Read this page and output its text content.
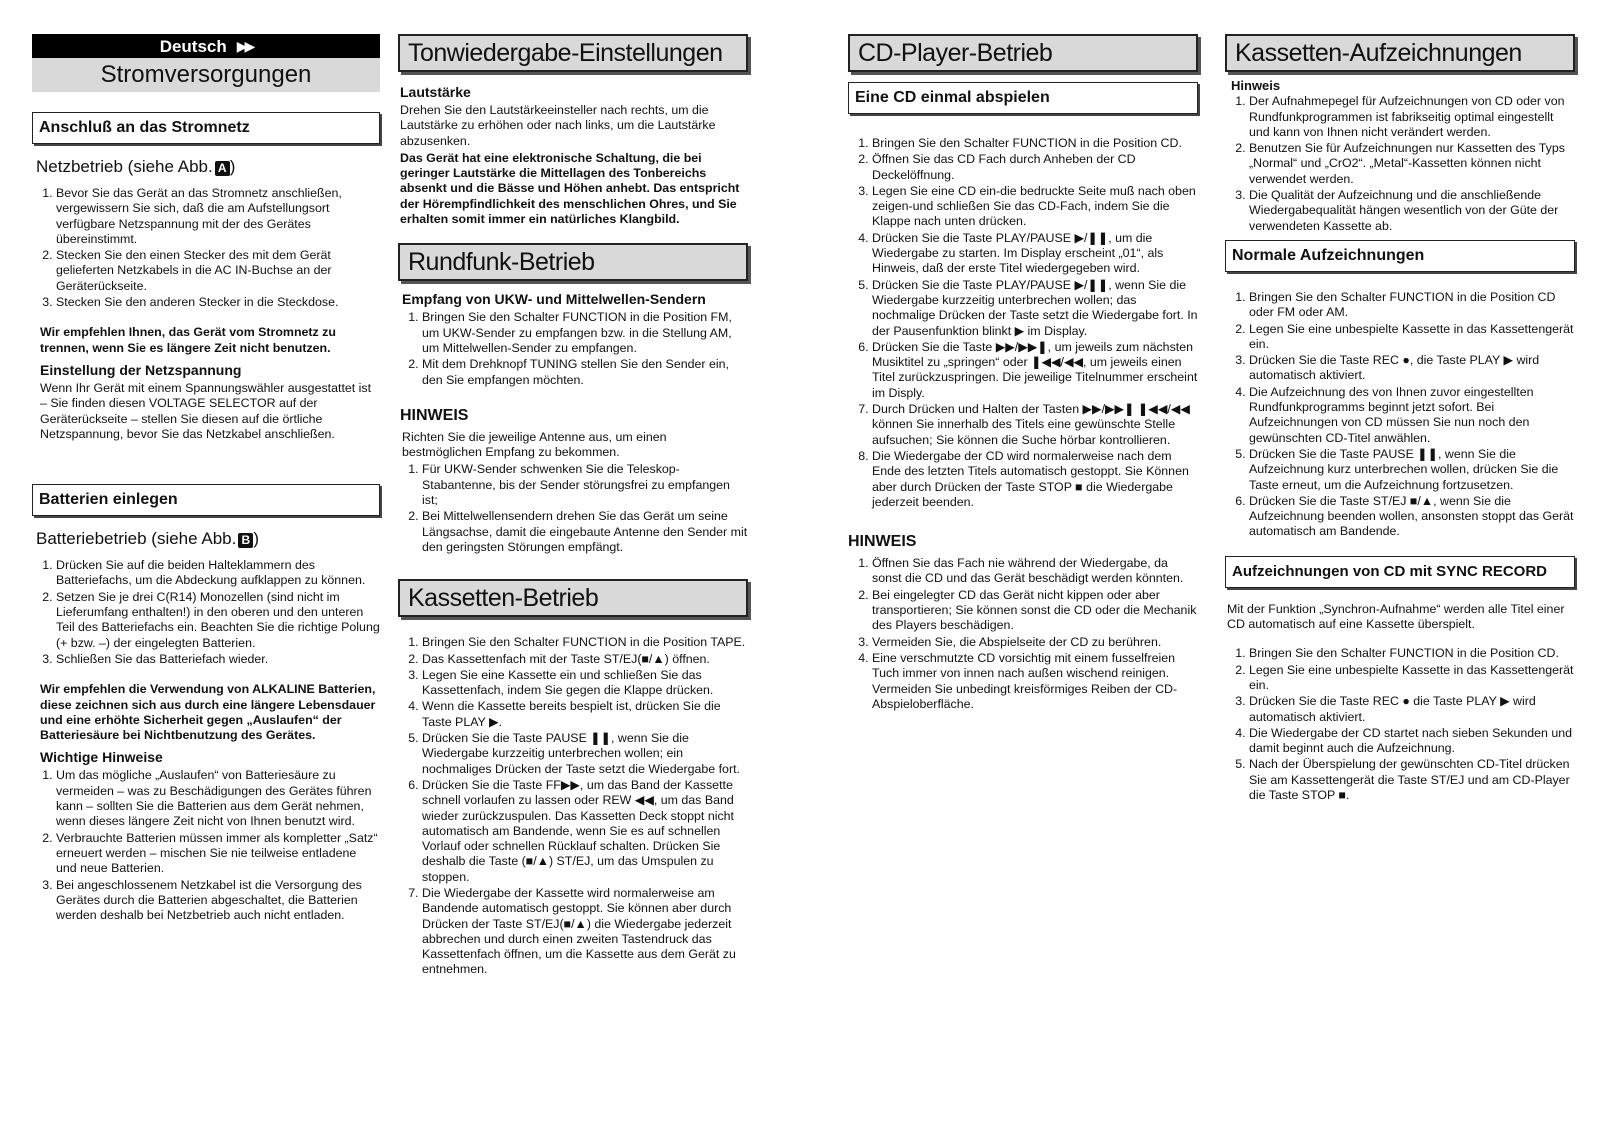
Deutsch ▶▶
Stromversorgungen
Anschluß an das Stromnetz
Netzbetrieb (siehe Abb. A )
1. Bevor Sie das Gerät an das Stromnetz anschließen, vergewissern Sie sich, daß die am Aufstellungsort verfügbare Netzspannung mit der des Gerätes übereinstimmt.
2. Stecken Sie den einen Stecker des mit dem Gerät gelieferten Netzkabels in die AC IN-Buchse an der Geräterückseite.
3. Stecken Sie den anderen Stecker in die Steckdose.
Wir empfehlen Ihnen, das Gerät vom Stromnetz zu trennen, wenn Sie es längere Zeit nicht benutzen.
Einstellung der Netzspannung
Wenn Ihr Gerät mit einem Spannungswähler ausgestattet ist – Sie finden diesen VOLTAGE SELECTOR auf der Geräterückseite – stellen Sie diesen auf die örtliche Netzspannung, bevor Sie das Netzkabel anschließen.
Batterien einlegen
Batteriebetrieb (siehe Abb. B )
1. Drücken Sie auf die beiden Halteklammern des Batteriefachs, um die Abdeckung aufklappen zu können.
2. Setzen Sie je drei C(R14) Monozellen (sind nicht im Lieferumfang enthalten!) in den oberen und den unteren Teil des Batteriefachs ein. Beachten Sie die richtige Polung (+ bzw. –) der eingelegten Batterien.
3. Schließen Sie das Batteriefach wieder.
Wir empfehlen die Verwendung von ALKALINE Batterien, diese zeichnen sich aus durch eine längere Lebensdauer und eine erhöhte Sicherheit gegen „Auslaufen“ der Batteriesäure bei Nichtbenutzung des Gerätes.
Wichtige Hinweise
1. Um das mögliche „Auslaufen“ von Batteriesäure zu vermeiden – was zu Beschädigungen des Gerätes führen kann – sollten Sie die Batterien aus dem Gerät nehmen, wenn dieses längere Zeit nicht von Ihnen benutzt wird.
2. Verbrauchte Batterien müssen immer als kompletter „Satz“ erneuert werden – mischen Sie nie teilweise entladene und neue Batterien.
3. Bei angeschlossenem Netzkabel ist die Versorgung des Gerätes durch die Batterien abgeschaltet, die Batterien werden deshalb bei Netzbetrieb auch nicht entladen.
Tonwiedergabe-Einstellungen
Lautstärke
Drehen Sie den Lautstärkeeinsteller nach rechts, um die Lautstärke zu erhöhen oder nach links, um die Lautstärke abzusenken.
Das Gerät hat eine elektronische Schaltung, die bei geringer Lautstärke die Mittellagen des Tonbereichs absenkt und die Bässe und Höhen anhebt. Das entspricht der Hörempfindlichkeit des menschlichen Ohres, und Sie erhalten somit immer ein natürliches Klangbild.
Rundfunk-Betrieb
Empfang von UKW- und Mittelwellen-Sendern
1. Bringen Sie den Schalter FUNCTION in die Position FM, um UKW-Sender zu empfangen bzw. in die Stellung AM, um Mittelwellen-Sender zu empfangen.
2. Mit dem Drehknopf TUNING stellen Sie den Sender ein, den Sie empfangen möchten.
HINWEIS
Richten Sie die jeweilige Antenne aus, um einen bestmöglichen Empfang zu bekommen.
1. Für UKW-Sender schwenken Sie die Teleskop-Stabantenne, bis der Sender störungsfrei zu empfangen ist;
2. Bei Mittelwellensendern drehen Sie das Gerät um seine Längsachse, damit die eingebaute Antenne den Sender mit den geringsten Störungen empfängt.
Kassetten-Betrieb
1. Bringen Sie den Schalter FUNCTION in die Position TAPE.
2. Das Kassettenfach mit der Taste ST/EJ(■/▲) öffnen.
3. Legen Sie eine Kassette ein und schließen Sie das Kassettenfach, indem Sie gegen die Klappe drücken.
4. Wenn die Kassette bereits bespielt ist, drücken Sie die Taste PLAY ▶.
5. Drücken Sie die Taste PAUSE ❚❚, wenn Sie die Wiedergabe kurzzeitig unterbrechen wollen; ein nochmaliges Drücken der Taste setzt die Wiedergabe fort.
6. Drücken Sie die Taste FF▶▶, um das Band der Kassette schnell vorlaufen zu lassen oder REW ◀◀, um das Band wieder zurückzuspulen. Das Kassetten Deck stoppt nicht automatisch am Bandende, wenn Sie es auf schnellen Vorlauf oder schnellen Rücklauf schalten. Drücken Sie deshalb die Taste (■/▲) ST/EJ, um das Umspulen zu stoppen.
7. Die Wiedergabe der Kassette wird normalerweise am Bandende automatisch gestoppt. Sie können aber durch Drücken der Taste ST/EJ(■/▲) die Wiedergabe jederzeit abbrechen und durch einen zweiten Tastendruck das Kassettenfach öffnen, um die Kassette aus dem Gerät zu entnehmen.
CD-Player-Betrieb
Eine CD einmal abspielen
1. Bringen Sie den Schalter FUNCTION in die Position CD.
2. Öffnen Sie das CD Fach durch Anheben der CD Deckelöffnung.
3. Legen Sie eine CD ein-die bedruckte Seite muß nach oben zeigen-und schließen Sie das CD-Fach, indem Sie die Klappe nach unten drücken.
4. Drücken Sie die Taste PLAY/PAUSE ▶/❚❚, um die Wiedergabe zu starten. Im Display erscheint „01“, als Hinweis, daß der erste Titel wiedergegeben wird.
5. Drücken Sie die Taste PLAY/PAUSE ▶/❚❚, wenn Sie die Wiedergabe kurzzeitig unterbrechen wollen; das nochmalige Drücken der Taste setzt die Wiedergabe fort. In der Pausenfunktion blinkt ▶ im Display.
6. Drücken Sie die Taste ▶▶/▶▶❚, um jeweils zum nächsten Musiktitel zu „springen“ oder ❚◀◀/◀◀, um jeweils einen Titel zurückzuspringen. Die jeweilige Titelnummer erscheint im Disply.
7. Durch Drücken und Halten der Tasten ▶▶/▶▶❚ ❚◀◀/◀◀ können Sie innerhalb des Titels eine gewünschte Stelle aufsuchen; Sie können die Suche hörbar kontrollieren.
8. Die Wiedergabe der CD wird normalerweise nach dem Ende des letzten Titels automatisch gestoppt. Sie Können aber durch Drücken der Taste STOP ■ die Wiedergabe jederzeit beenden.
HINWEIS
1. Öffnen Sie das Fach nie während der Wiedergabe, da sonst die CD und das Gerät beschädigt werden könnten.
2. Bei eingelegter CD das Gerät nicht kippen oder aber transportieren; Sie können sonst die CD oder die Mechanik des Players beschädigen.
3. Vermeiden Sie, die Abspielseite der CD zu berühren.
4. Eine verschmutzte CD vorsichtig mit einem fusselfreien Tuch immer von innen nach außen wischend reinigen. Vermeiden Sie unbedingt kreisförmiges Reiben der CD-Abspieloberfläche.
Kassetten-Aufzeichnungen
Hinweis
1. Der Aufnahmepegel für Aufzeichnungen von CD oder von Rundfunkprogrammen ist fabrikseitig optimal eingestellt und kann von Ihnen nicht verändert werden.
2. Benutzen Sie für Aufzeichnungen nur Kassetten des Typs „Normal“ und „CrO2“. „Metal“-Kassetten können nicht verwendet werden.
3. Die Qualität der Aufzeichnung und die anschließende Wiedergabequalität hängen wesentlich von der Güte der verwendeten Kassette ab.
Normale Aufzeichnungen
1. Bringen Sie den Schalter FUNCTION in die Position CD oder FM oder AM.
2. Legen Sie eine unbespielte Kassette in das Kassettengerät ein.
3. Drücken Sie die Taste REC ●, die Taste PLAY ▶ wird automatisch aktiviert.
4. Die Aufzeichnung des von Ihnen zuvor eingestellten Rundfunkprogramms beginnt jetzt sofort. Bei Aufzeichnungen von CD müssen Sie nun noch den gewünschten CD-Titel anwählen.
5. Drücken Sie die Taste PAUSE ❚❚, wenn Sie die Aufzeichnung kurz unterbrechen wollen, drücken Sie die Taste erneut, um die Aufzeichnung fortzusetzen.
6. Drücken Sie die Taste ST/EJ ■/▲, wenn Sie die Aufzeichnung beenden wollen, ansonsten stoppt das Gerät automatisch am Bandende.
Aufzeichnungen von CD mit SYNC RECORD
Mit der Funktion „Synchron-Aufnahme“ werden alle Titel einer CD automatisch auf eine Kassette überspielt.
1. Bringen Sie den Schalter FUNCTION in die Position CD.
2. Legen Sie eine unbespielte Kassette in das Kassettengerät ein.
3. Drücken Sie die Taste REC ● die Taste PLAY ▶ wird automatisch aktiviert.
4. Die Wiedergabe der CD startet nach sieben Sekunden und damit beginnt auch die Aufzeichnung.
5. Nach der Überspielung der gewünschten CD-Titel drücken Sie am Kassettengerät die Taste ST/EJ und am CD-Player die Taste STOP ■.
